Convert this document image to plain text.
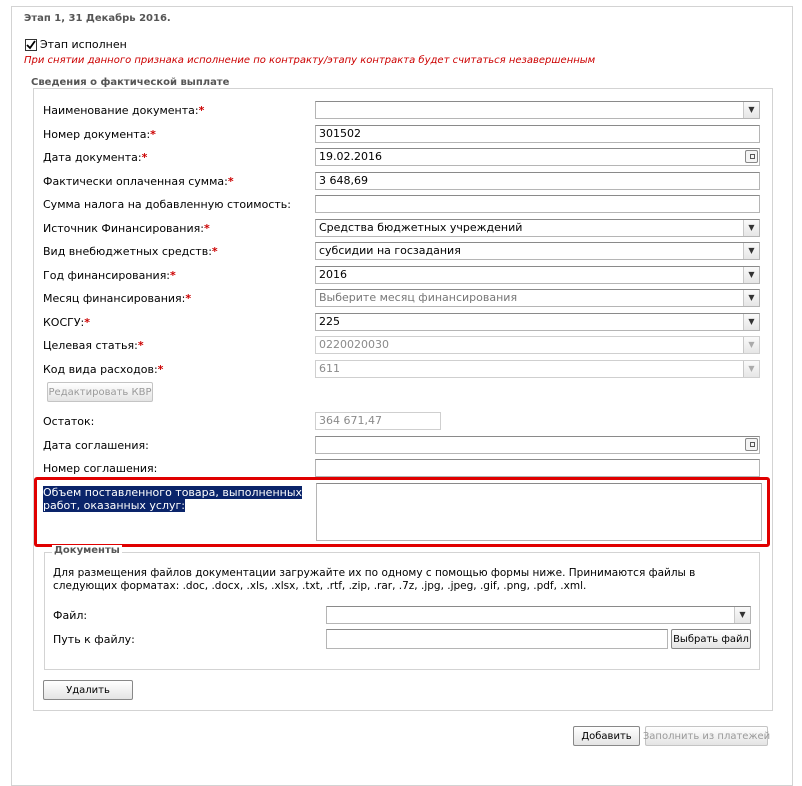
Этап 1, 31 Декабрь 2016.
Этап исполнен
При снятии данного признака исполнение по контракту/этапу контракта будет считаться незавершенным
Сведения о фактической выплате
Наименование документа:*	▼
Номер документа:*	301502
Дата документа:*	19.02.2016
Фактически оплаченная сумма:*	3 648,69
Сумма налога на добавленную стоимость:
Источник Финансирования:*	Средства бюджетных учреждений	▼
Вид внебюджетных средств:*	субсидии на госзадания	▼
Год финансирования:*	2016	▼
Месяц финансирования:*	Выберите месяц финансирования	▼
КОСГУ:*	225	▼
Целевая статья:*	0220020030	▼
Код вида расходов:*	611	▼
Редактировать КВР
Остаток:	364 671,47
Дата соглашения:
Номер соглашения:
Объем поставленного товара, выполненных работ, оказанных услуг:
Документы
Для размещения файлов документации загружайте их по одному с помощью формы ниже. Принимаются файлы в следующих форматах: .doc, .docx, .xls, .xlsx, .txt, .rtf, .zip, .rar, .7z, .jpg, .jpeg, .gif, .png, .pdf, .xml.
Файл:	▼
Путь к файлу:	Выбрать файл
Удалить
Добавить	Заполнить из платежей
